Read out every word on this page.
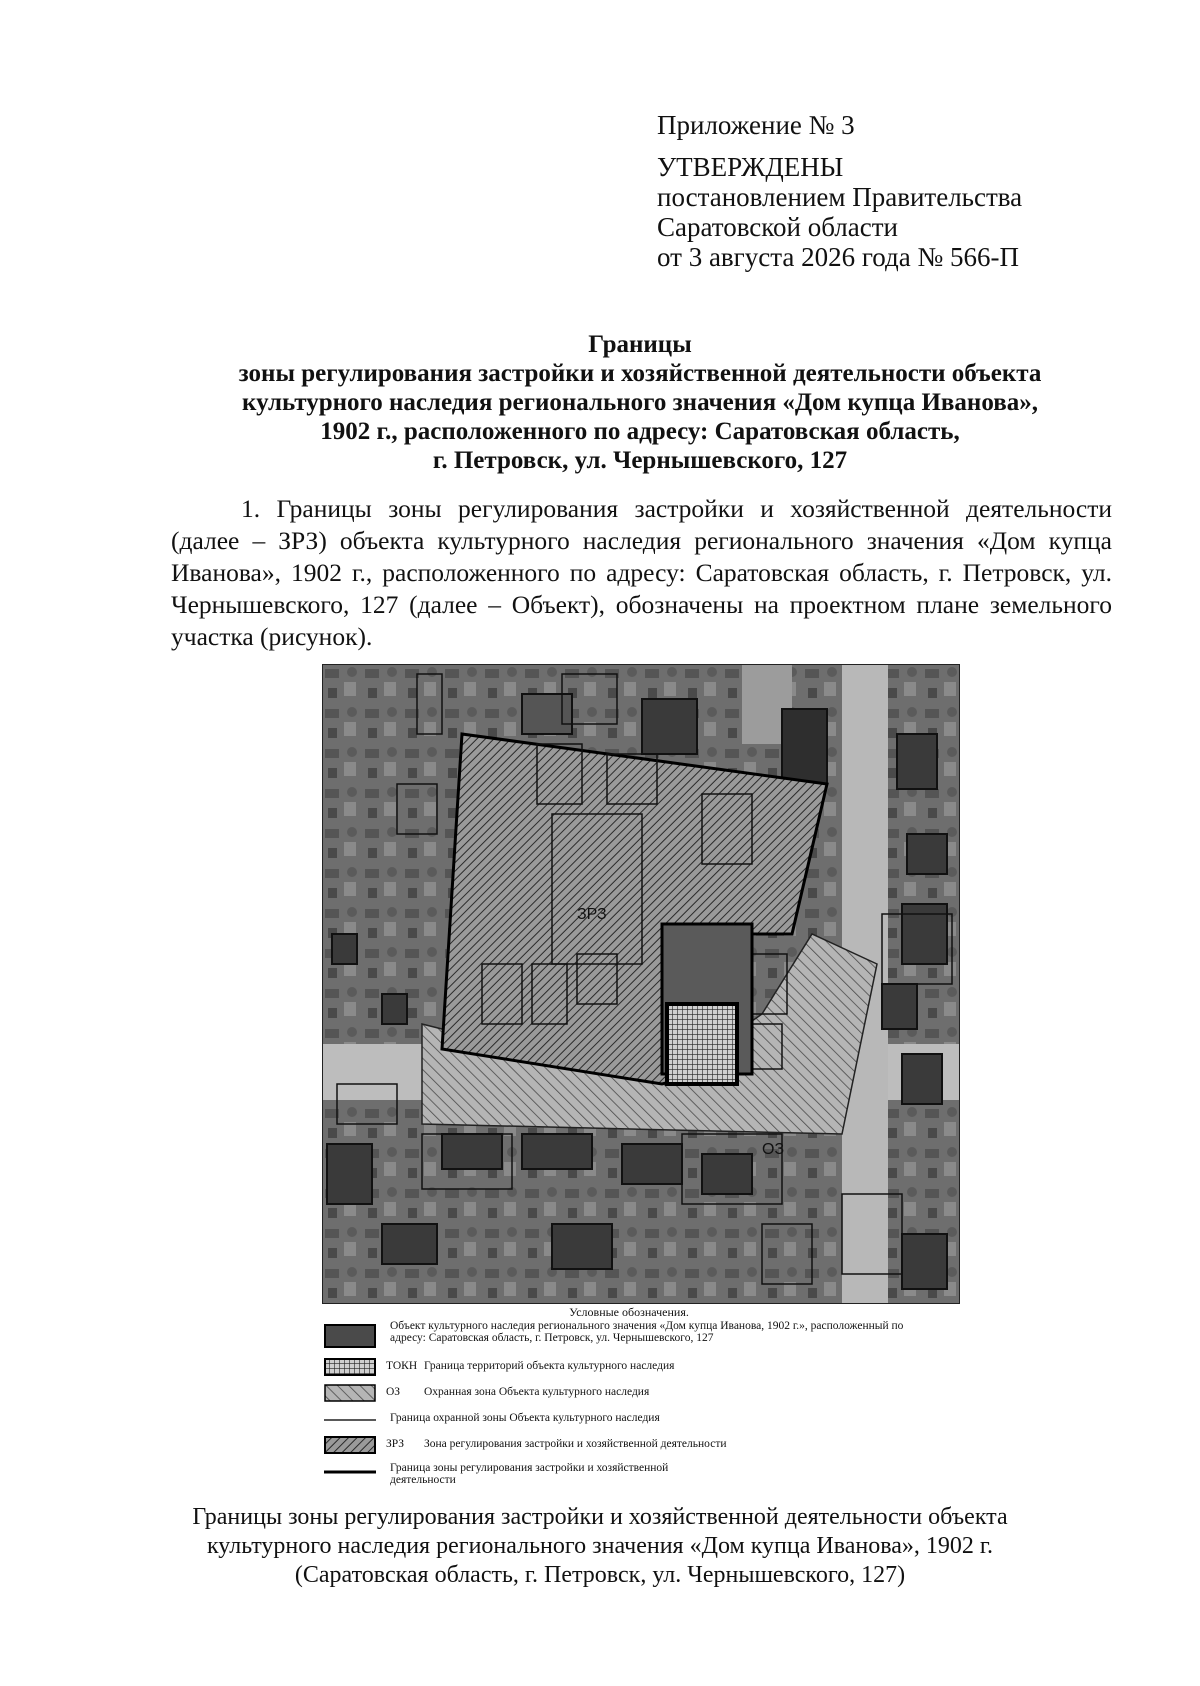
Приложение № 3
УТВЕРЖДЕНЫ
постановлением Правительства
Саратовской области
от 3 августа 2026 года № 566-П
Границы
зоны регулирования застройки и хозяйственной деятельности объекта
культурного наследия регионального значения «Дом купца Иванова»,
1902 г., расположенного по адресу: Саратовская область,
г. Петровск, ул. Чернышевского, 127

1. Границы зоны регулирования застройки и хозяйственной деятельности (далее – ЗРЗ) объекта культурного наследия регионального значения «Дом купца Иванова», 1902 г., расположенного по адресу: Саратовская область, г. Петровск, ул. Чернышевского, 127 (далее – Объект), обозначены на проектном плане земельного участка (рисунок).

ЗРЗ
ОЗ
Условные обозначения.
Объект культурного наследия регионального значения «Дом купца Иванова, 1902 г.», расположенный по адресу: Саратовская область, г. Петровск, ул. Чернышевского, 127
ТОКН Граница территорий объекта культурного наследия
ОЗ Охранная зона Объекта культурного наследия
Граница охранной зоны Объекта культурного наследия
ЗРЗ Зона регулирования застройки и хозяйственной деятельности
Граница зоны регулирования застройки и хозяйственной деятельности
Границы зоны регулирования застройки и хозяйственной деятельности объекта
культурного наследия регионального значения «Дом купца Иванова», 1902 г.
(Саратовская область, г. Петровск, ул. Чернышевского, 127)
